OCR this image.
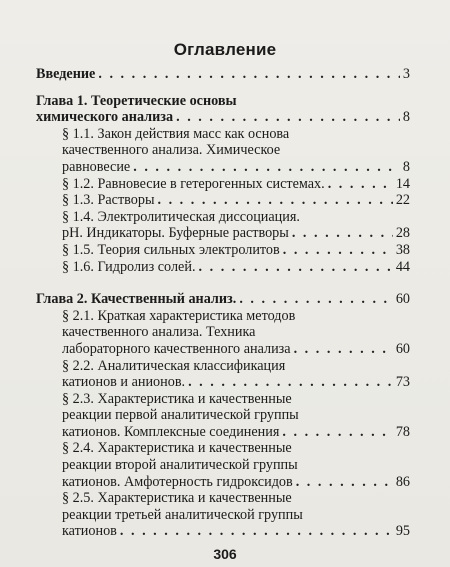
Оглавление
Введение . . .	3
Глава 1. Теоретические основы
химического анализа . . .	8
§ 1.1. Закон действия масс как основа
качественного анализа. Химическое
равновесие . . .	8
§ 1.2. Равновесие в гетерогенных системах. . . .	14
§ 1.3. Растворы . . .	22
§ 1.4. Электролитическая диссоциация.
pH. Индикаторы. Буферные растворы . . .	28
§ 1.5. Теория сильных электролитов . . .	38
§ 1.6. Гидролиз солей. . . .	44
Глава 2. Качественный анализ. . . .	60
§ 2.1. Краткая характеристика методов
качественного анализа. Техника
лабораторного качественного анализа . . .	60
§ 2.2. Аналитическая классификация
катионов и анионов. . . .	73
§ 2.3. Характеристика и качественные
реакции первой аналитической группы
катионов. Комплексные соединения . . .	78
§ 2.4. Характеристика и качественные
реакции второй аналитической группы
катионов. Амфотерность гидроксидов . . .	86
§ 2.5. Характеристика и качественные
реакции третьей аналитической группы
катионов . . .	95
306
